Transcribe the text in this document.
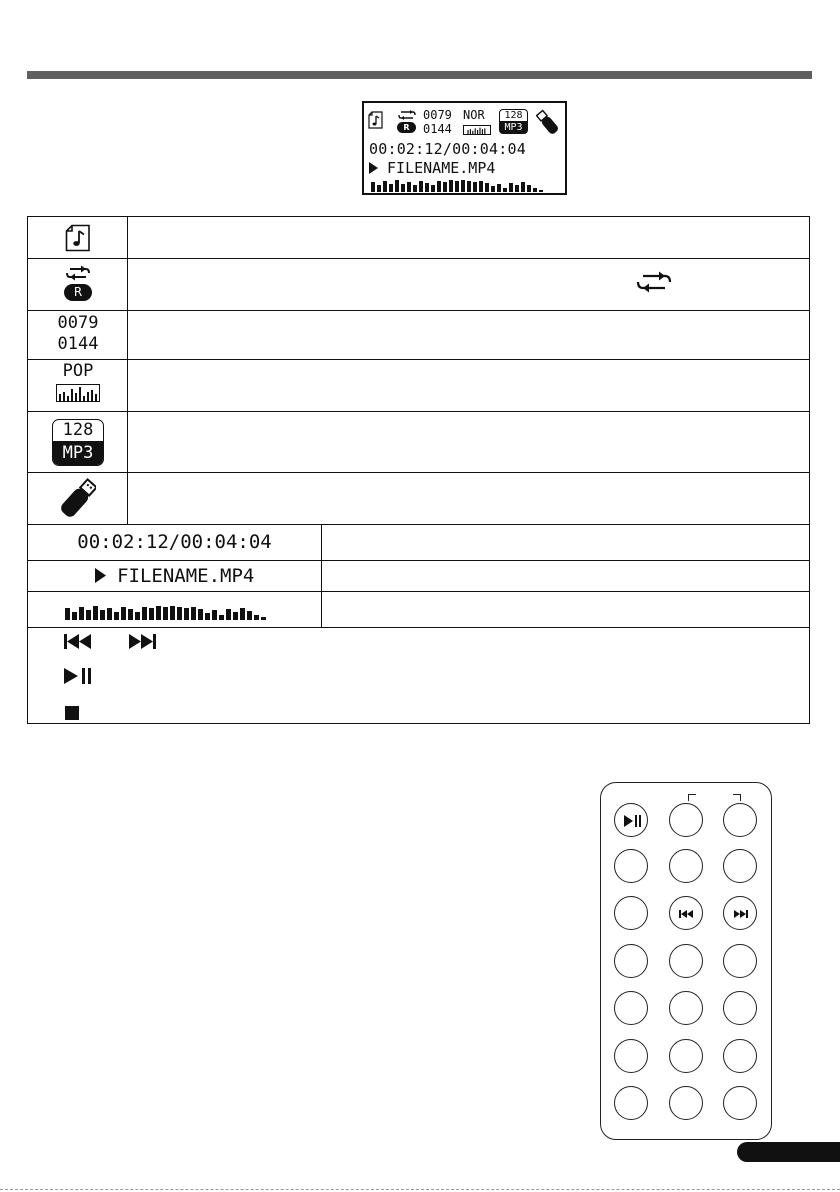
R
0079
0144
NOR	128
MP3
00:02:12/00:04:04
FILENAME.MP4
R
0079
0144
POP
128
MP3
00:02:12/00:04:04
FILENAME.MP4
